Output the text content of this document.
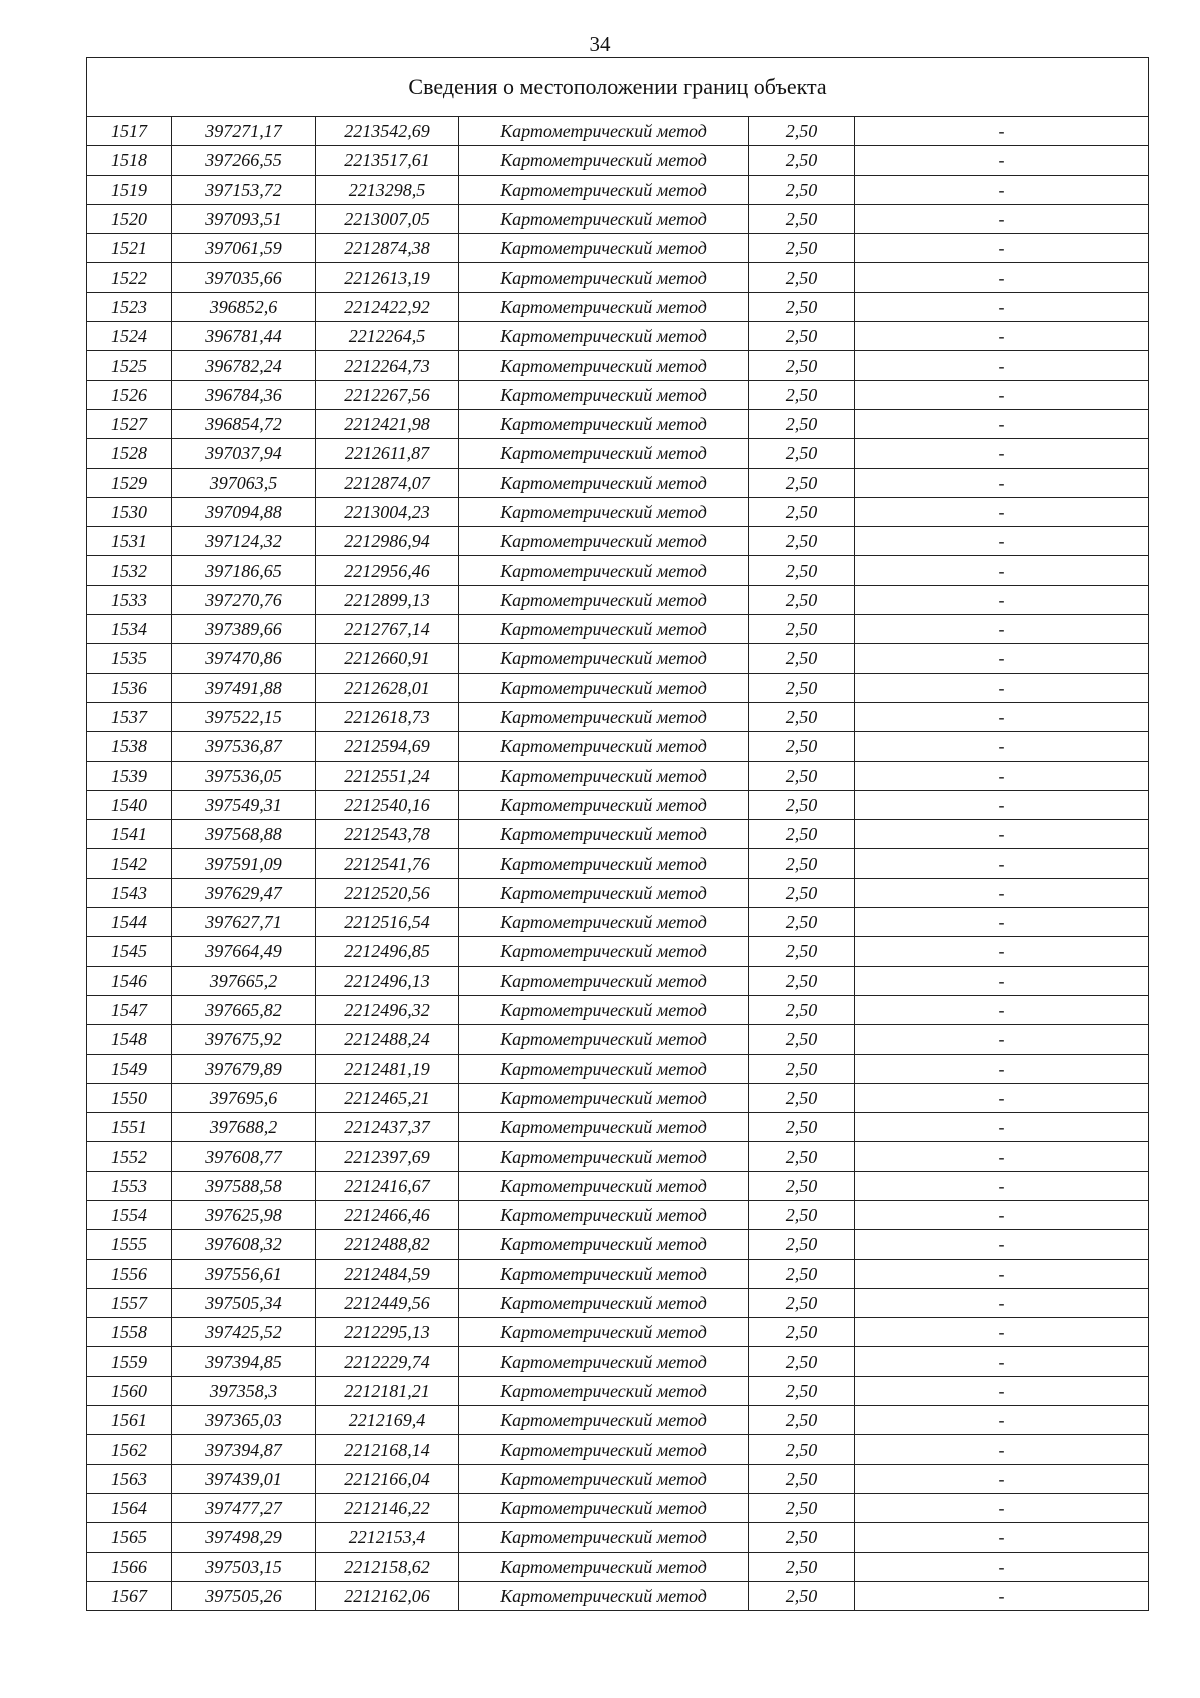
34
Сведения о местоположении границ объекта					
1517	397271,17	2213542,69	Картометрический метод	2,50	-
1518	397266,55	2213517,61	Картометрический метод	2,50	-
1519	397153,72	2213298,5	Картометрический метод	2,50	-
1520	397093,51	2213007,05	Картометрический метод	2,50	-
1521	397061,59	2212874,38	Картометрический метод	2,50	-
1522	397035,66	2212613,19	Картометрический метод	2,50	-
1523	396852,6	2212422,92	Картометрический метод	2,50	-
1524	396781,44	2212264,5	Картометрический метод	2,50	-
1525	396782,24	2212264,73	Картометрический метод	2,50	-
1526	396784,36	2212267,56	Картометрический метод	2,50	-
1527	396854,72	2212421,98	Картометрический метод	2,50	-
1528	397037,94	2212611,87	Картометрический метод	2,50	-
1529	397063,5	2212874,07	Картометрический метод	2,50	-
1530	397094,88	2213004,23	Картометрический метод	2,50	-
1531	397124,32	2212986,94	Картометрический метод	2,50	-
1532	397186,65	2212956,46	Картометрический метод	2,50	-
1533	397270,76	2212899,13	Картометрический метод	2,50	-
1534	397389,66	2212767,14	Картометрический метод	2,50	-
1535	397470,86	2212660,91	Картометрический метод	2,50	-
1536	397491,88	2212628,01	Картометрический метод	2,50	-
1537	397522,15	2212618,73	Картометрический метод	2,50	-
1538	397536,87	2212594,69	Картометрический метод	2,50	-
1539	397536,05	2212551,24	Картометрический метод	2,50	-
1540	397549,31	2212540,16	Картометрический метод	2,50	-
1541	397568,88	2212543,78	Картометрический метод	2,50	-
1542	397591,09	2212541,76	Картометрический метод	2,50	-
1543	397629,47	2212520,56	Картометрический метод	2,50	-
1544	397627,71	2212516,54	Картометрический метод	2,50	-
1545	397664,49	2212496,85	Картометрический метод	2,50	-
1546	397665,2	2212496,13	Картометрический метод	2,50	-
1547	397665,82	2212496,32	Картометрический метод	2,50	-
1548	397675,92	2212488,24	Картометрический метод	2,50	-
1549	397679,89	2212481,19	Картометрический метод	2,50	-
1550	397695,6	2212465,21	Картометрический метод	2,50	-
1551	397688,2	2212437,37	Картометрический метод	2,50	-
1552	397608,77	2212397,69	Картометрический метод	2,50	-
1553	397588,58	2212416,67	Картометрический метод	2,50	-
1554	397625,98	2212466,46	Картометрический метод	2,50	-
1555	397608,32	2212488,82	Картометрический метод	2,50	-
1556	397556,61	2212484,59	Картометрический метод	2,50	-
1557	397505,34	2212449,56	Картометрический метод	2,50	-
1558	397425,52	2212295,13	Картометрический метод	2,50	-
1559	397394,85	2212229,74	Картометрический метод	2,50	-
1560	397358,3	2212181,21	Картометрический метод	2,50	-
1561	397365,03	2212169,4	Картометрический метод	2,50	-
1562	397394,87	2212168,14	Картометрический метод	2,50	-
1563	397439,01	2212166,04	Картометрический метод	2,50	-
1564	397477,27	2212146,22	Картометрический метод	2,50	-
1565	397498,29	2212153,4	Картометрический метод	2,50	-
1566	397503,15	2212158,62	Картометрический метод	2,50	-
1567	397505,26	2212162,06	Картометрический метод	2,50	-
